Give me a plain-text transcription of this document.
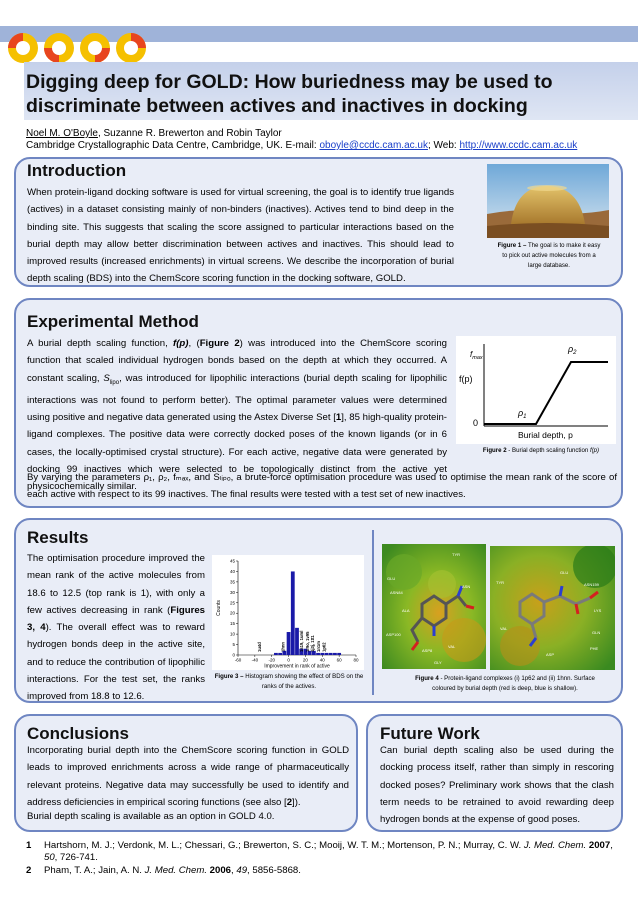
Digging deep for GOLD: How buriedness may be used to
discriminate between actives and inactives in docking
Noel M. O'Boyle, Suzanne R. Brewerton and Robin Taylor
Cambridge Crystallographic Data Centre, Cambridge, UK. E-mail: oboyle@ccdc.cam.ac.uk; Web: http://www.ccdc.cam.ac.uk
Introduction
When protein-ligand docking software is used for virtual screening, the goal is to identify true ligands (actives) in a dataset consisting mainly of non-binders (inactives). Actives tend to bind deep in the binding site. This suggests that scaling the score assigned to particular interactions based on the burial depth may allow better discrimination between actives and inactives. This should lead to improved results (increased enrichments) in virtual screens. We describe the incorporation of burial depth scaling (BDS) into the ChemScore scoring function in the docking software, GOLD.
Figure 1 – The goal is to make it easy to pick out active molecules from a large database.
Experimental Method
A burial depth scaling function, f(p), (Figure 2) was introduced into the ChemScore scoring function that scaled individual hydrogen bonds based on the depth at which they occurred. A constant scaling, $S_{lipo}$, was introduced for lipophilic interactions (burial depth scaling for lipophilic interactions was not found to perform better). The optimal parameter values were determined using positive and negative data generated using the Astex Diverse Set [1], 85 high-quality protein-ligand complexes. The positive data were correctly docked poses of the known ligands (or in 6 cases, the locally-optimised crystal structure). For each active, negative data were generated by docking 99 inactives which were selected to be topologically distinct from the active yet physicochemically similar.
By varying the parameters ρ₁, ρ₂, fₘₐₓ, and Sₗᵢₚₒ, a brute-force optimisation procedure was used to optimise the mean rank of the score of each active with respect to its 99 inactives. The final results were tested with a test set of new inactives.
$f_{max}$
f(p)
0
Burial depth, p
$\rho_1$
$\rho_2$
Figure 2 - Burial depth scaling function f(p)
Results
The optimisation procedure improved the mean rank of the active molecules from 18.6 to 12.5 (top rank is 1), with only a few actives decreasing in rank (Figures 3, 4). The overall effect was to reward hydrogen bonds deep in the active site, and to reduce the contribution of lipophilic interactions. For the test set, the ranks improved from 18.8 to 12.6.
0
5
10
15
20
25
30
35
40
45
-60 -40 -20	0	20	40	60	80
Improvement in rank of active
Counts
1u4d	1hnn	1s19, 1uml 1r9o, 1v95 1j3j, 1tt1 1n1m 1p62
Figure 3 – Histogram showing the effect of BDS on the ranks of the actives.
GLU
ASN84
ASP100
ASP8
TYR
GLY
ASN
VAL
ALA
GLU
ASN159
TYR
VAL
ASP
GLN
PHE
LYS
Figure 4 - Protein-ligand complexes (i) 1p62 and (ii) 1hnn. Surface coloured by burial depth (red is deep, blue is shallow).
Conclusions
Incorporating burial depth into the ChemScore scoring function in GOLD leads to improved enrichments across a wide range of pharmaceutically relevant proteins. Negative data may successfully be used to identify and address deficiencies in empirical scoring functions (see also [2]).
Burial depth scaling is available as an option in GOLD 4.0.
Future Work
Can burial depth scaling also be used during the docking process itself, rather than simply in rescoring docked poses? Preliminary work shows that the clash term needs to be retrained to avoid rewarding deep hydrogen bonds at the expense of good poses.
1	Hartshorn, M. J.; Verdonk, M. L.; Chessari, G.; Brewerton, S. C.; Mooij, W. T. M.; Mortenson, P. N.; Murray, C. W. J. Med. Chem. 2007, 50, 726-741.
2	Pham, T. A.; Jain, A. N. J. Med. Chem. 2006, 49, 5856-5868.
